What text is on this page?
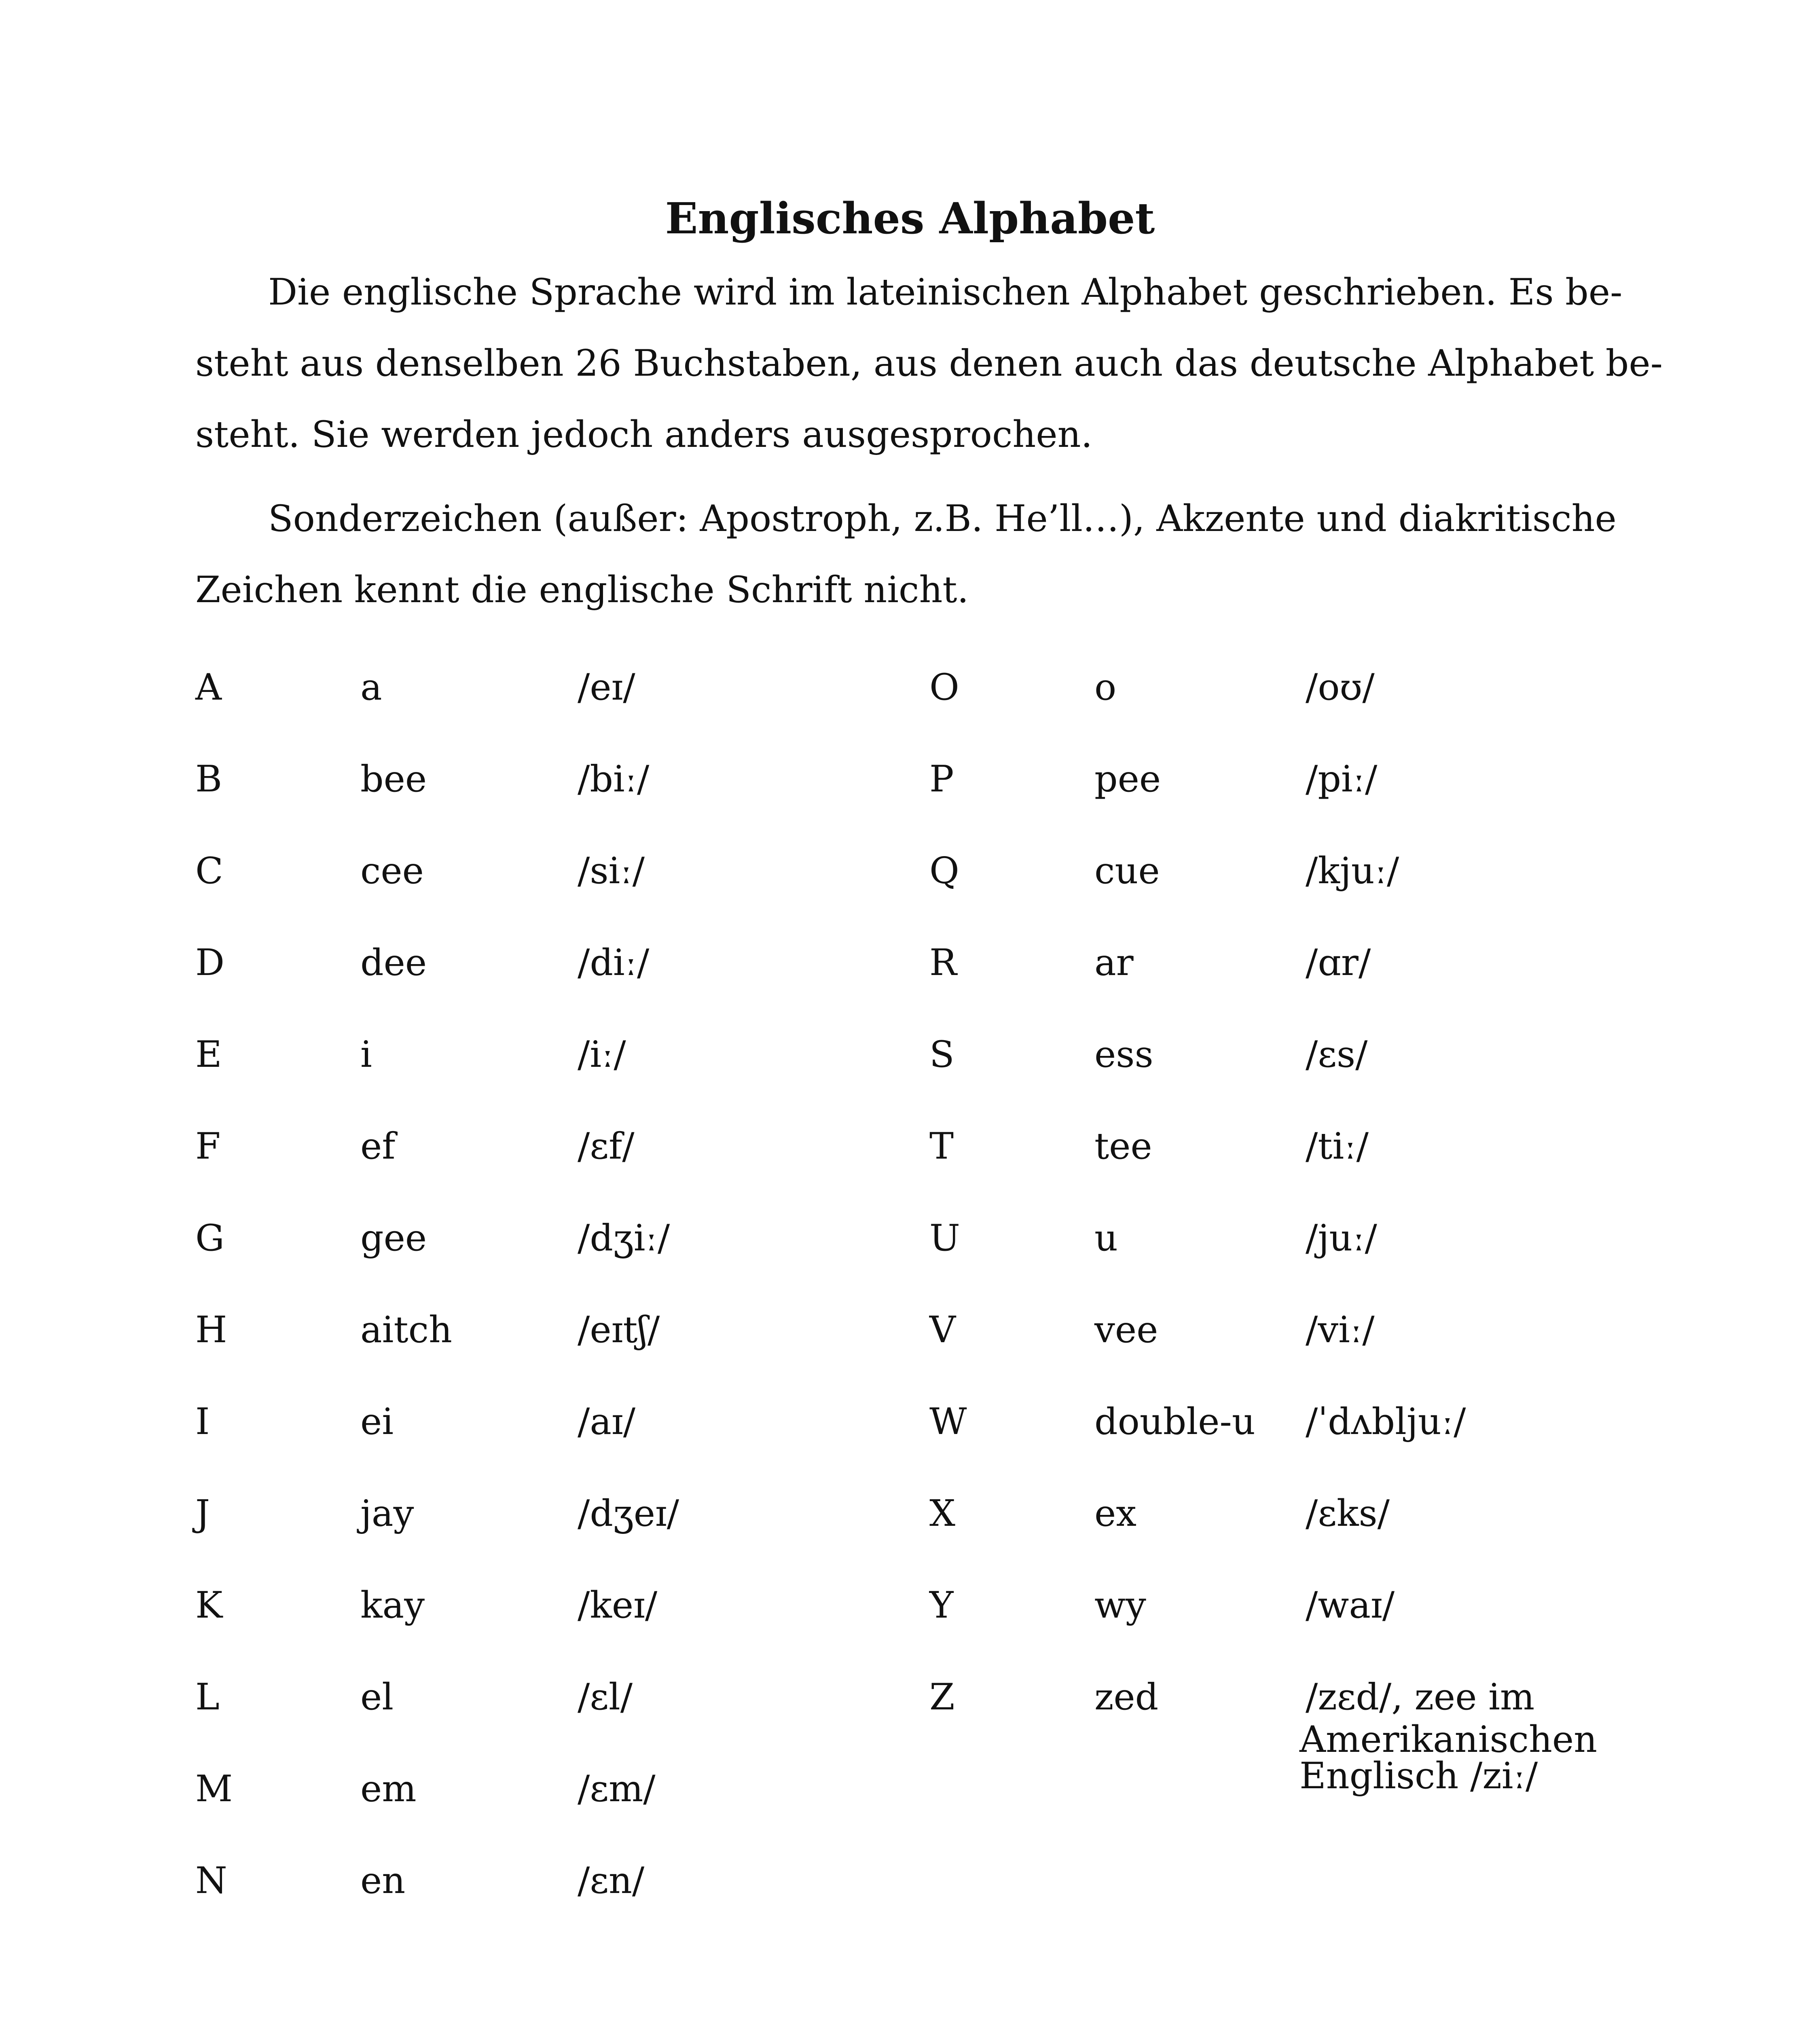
Englisches Alphabet

Die englische Sprache wird im lateinischen Alphabet geschrieben. Es be-
steht aus denselben 26 Buchstaben, aus denen auch das deutsche Alphabet be-
steht. Sie werden jedoch anders ausgesprochen.

Sonderzeichen (außer: Apostroph, z.B. He’ll…), Akzente und diakritische
Zeichen kennt die englische Schrift nicht.

A	a	/eɪ/
B	bee	/biː/
C	cee	/siː/
D	dee	/diː/
E	i	/iː/
F	ef	/ɛf/
G	gee	/dʒiː/
H	aitch	/eɪtʃ/
I	ei	/aɪ/
J	jay	/dʒeɪ/
K	kay	/keɪ/
L	el	/ɛl/
M	em	/ɛm/
N	en	/ɛn/
O	o	/oʊ/
P	pee	/piː/
Q	cue	/kjuː/
R	ar	/ɑr/
S	ess	/ɛs/
T	tee	/tiː/
U	u	/juː/
V	vee	/viː/
W	double-u /ˈdʌbljuː/
X	ex	/ɛks/
Y	wy	/waɪ/
Z	zed	/zɛd/, zee im
Amerikanischen Englisch /ziː/
